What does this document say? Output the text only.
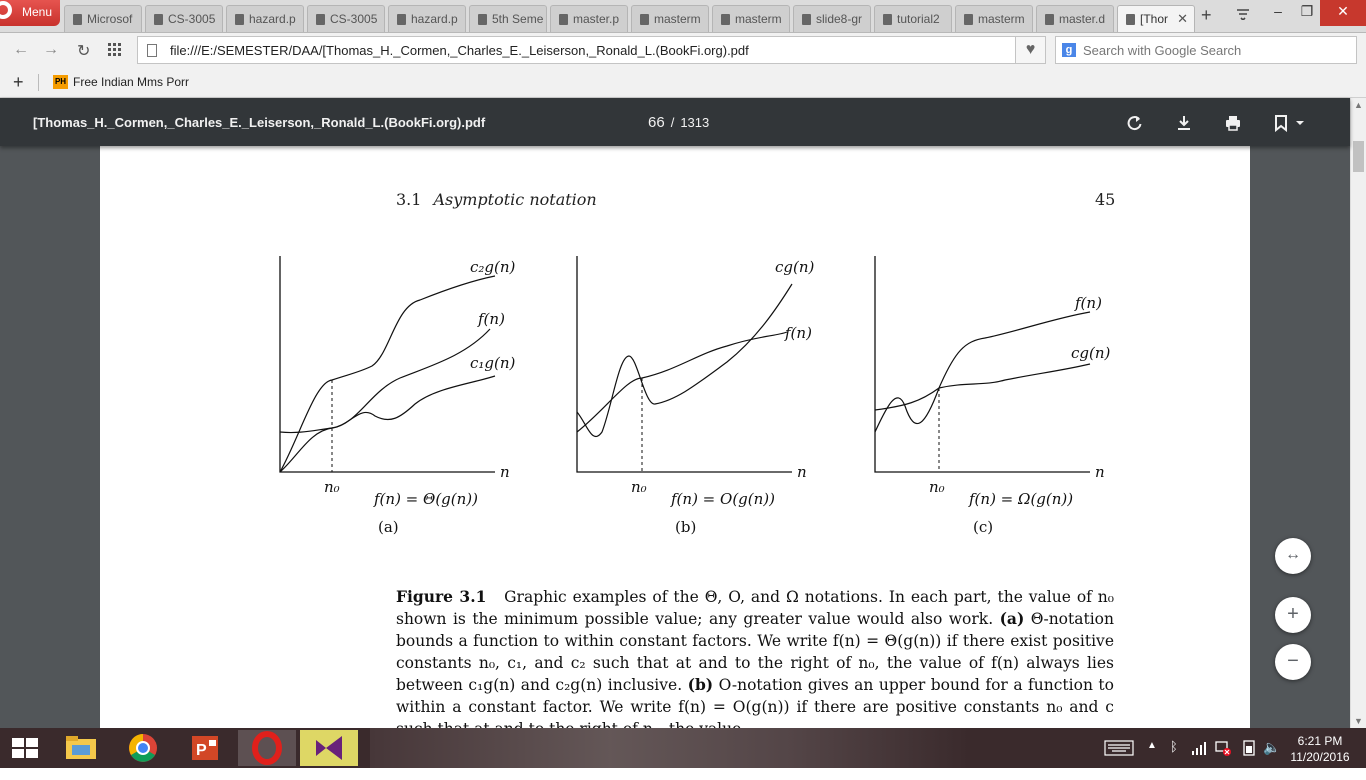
Menu	Microsof	CS-3005	hazard.p	CS-3005	hazard.p	5th Seme master.p	masterm	masterm	slide8-gr	tutorial2	masterm	master.d	[Thor ✕ +	‒	❐	✕
← → ↻	file:///E:/SEMESTER/DAA/[Thomas_H._Cormen,_Charles_E._Leiserson,_Ronald_L.(BookFi.org).pdf	♥	g Search with Google Search
+	PH Free Indian Mms Porr
[Thomas_H._Cormen,_Charles_E._Leiserson,_Ronald_L.(BookFi.org).pdf	66 / 1313
3.1 Asymptotic notation	45
c₂g(n)
f(n)
c₁g(n)
n
n₀
f(n) = Θ(g(n))
(a)
cg(n)
f(n)
n
n₀
f(n) = O(g(n))
(b)
f(n)
cg(n)
n
n₀
f(n) = Ω(g(n))
(c)
Figure 3.1 Graphic examples of the Θ, O, and Ω notations. In each part, the value of n₀ shown is the minimum possible value; any greater value would also work. (a) Θ-notation bounds a function to within constant factors. We write f(n) = Θ(g(n)) if there exist positive constants n₀, c₁, and c₂ such that at and to the right of n₀, the value of f(n) always lies between c₁g(n) and c₂g(n) inclusive. (b) O-notation gives an upper bound for a function to within a constant factor. We write f(n) = O(g(n)) if there are positive constants n₀ and c
▲
▼
↔
+
−
P	▲ ᛒ	🔈	6:21 PM
11/20/2016
